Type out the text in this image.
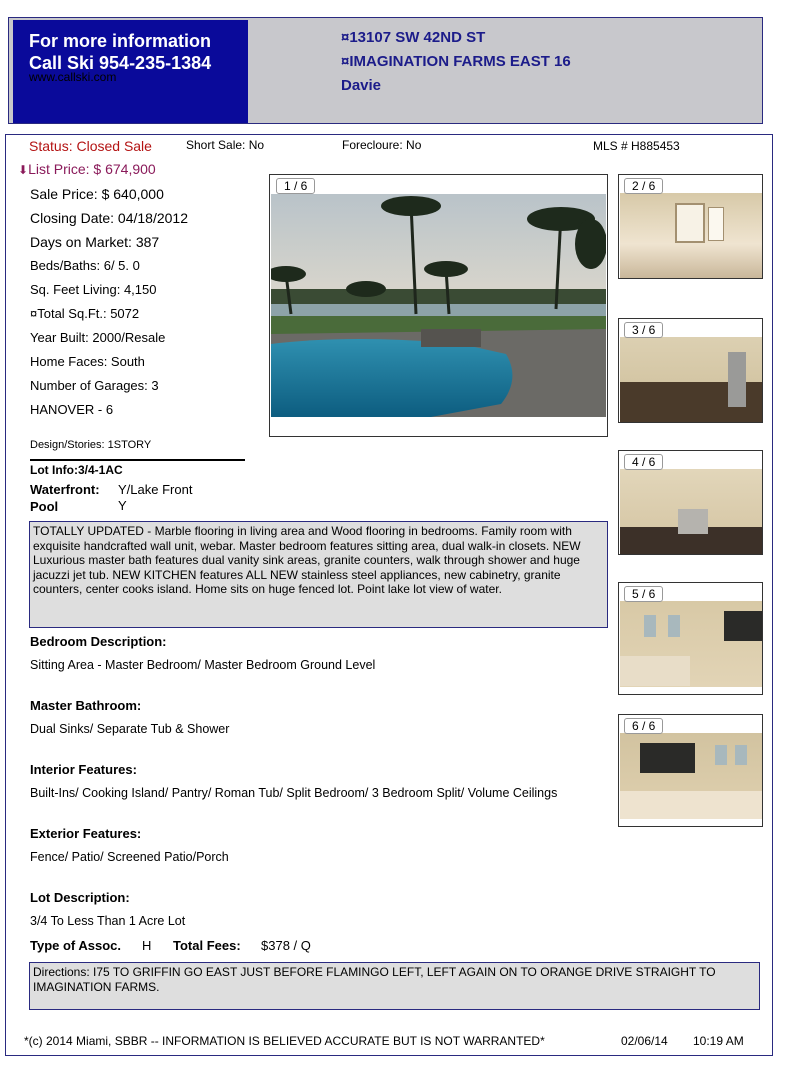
For more information
Call Ski 954-235-1384
www.callski.com
¤13107 SW 42ND ST
¤IMAGINATION FARMS EAST 16
Davie
Status: Closed Sale	Short Sale: No	Forecloure: No	MLS # H885453
⬇List Price: $ 674,900
Sale Price: $ 640,000
Closing Date: 04/18/2012
Days on Market: 387
Beds/Baths: 6/ 5. 0
Sq. Feet Living: 4,150
¤Total Sq.Ft.: 5072
Year Built: 2000/Resale
Home Faces: South
Number of Garages: 3
HANOVER - 6
Design/Stories: 1STORY
Lot Info:3/4-1AC
Waterfront: Y/Lake Front
Pool	Y
1 / 6	2 / 6
3 / 6
4 / 6
5 / 6
6 / 6
TOTALLY UPDATED - Marble flooring in living area and Wood flooring in bedrooms. Family room with exquisite handcrafted wall unit, webar. Master bedroom features sitting area, dual walk-in closets. NEW Luxurious master bath features dual vanity sink areas, granite counters, walk through shower and huge jacuzzi jet tub. NEW KITCHEN features ALL NEW stainless steel appliances, new cabinetry, granite counters, center cooks island. Home sits on huge fenced lot. Point lake lot view of water.
Bedroom Description:
Sitting Area - Master Bedroom/ Master Bedroom Ground Level
Master Bathroom:
Dual Sinks/ Separate Tub & Shower
Interior Features:
Built-Ins/ Cooking Island/ Pantry/ Roman Tub/ Split Bedroom/ 3 Bedroom Split/ Volume Ceilings
Exterior Features:
Fence/ Patio/ Screened Patio/Porch
Lot Description:
3/4 To Less Than 1 Acre Lot
Type of Assoc. H Total Fees: $378 / Q
Directions: I75 TO GRIFFIN GO EAST JUST BEFORE FLAMINGO LEFT, LEFT AGAIN ON TO ORANGE DRIVE STRAIGHT TO IMAGINATION FARMS.
*(c) 2014 Miami, SBBR -- INFORMATION IS BELIEVED ACCURATE BUT IS NOT WARRANTED*	02/06/14 10:19 AM
